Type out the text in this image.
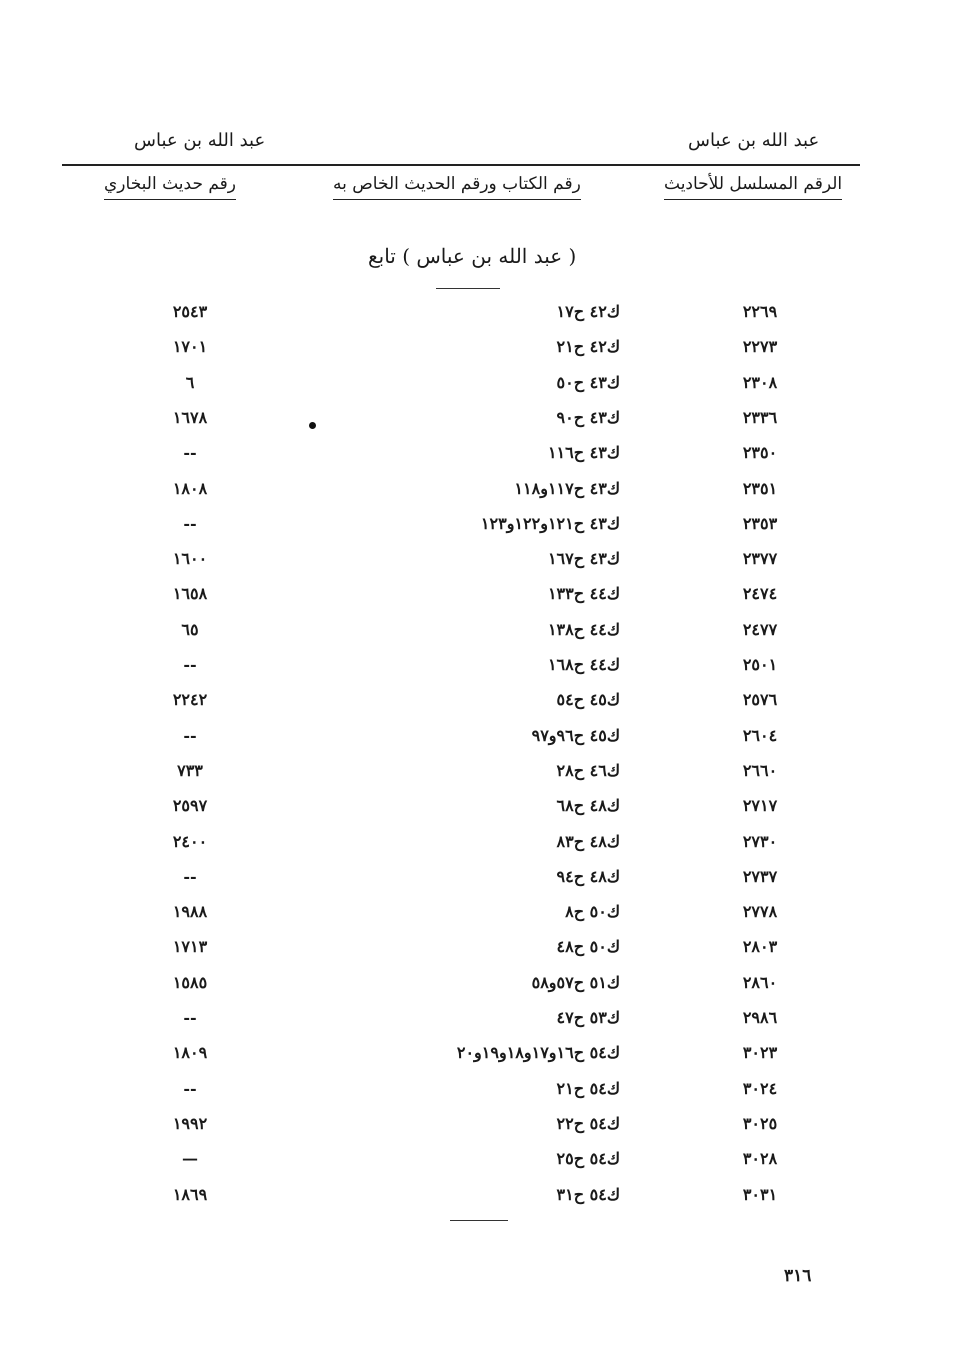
عبد الله بن عباس
عبد الله بن عباس
الرقم المسلسل للأحاديث
رقم الكتاب ورقم الحديث الخاص به
رقم حديث البخاري
( عبد الله بن عباس ) تابع
٢٢٦٩
ك٤٢ ح١٧
٢٥٤٣
٢٢٧٣
ك٤٢ ح٢١
١٧٠١
٢٣٠٨
ك٤٣ ح٥٠
٦
٢٣٣٦
ك٤٣ ح٩٠
١٦٧٨
٢٣٥٠
ك٤٣ ح١١٦
--
٢٣٥١
ك٤٣ ح١١٧و١١٨
١٨٠٨
٢٣٥٣
ك٤٣ ح١٢١و١٢٢و١٢٣
--
٢٣٧٧
ك٤٣ ح١٦٧
١٦٠٠
٢٤٧٤
ك٤٤ ح١٣٣
١٦٥٨
٢٤٧٧
ك٤٤ ح١٣٨
٦٥
٢٥٠١
ك٤٤ ح١٦٨
--
٢٥٧٦
ك٤٥ ح٥٤
٢٢٤٢
٢٦٠٤
ك٤٥ ح٩٦و٩٧
--
٢٦٦٠
ك٤٦ ح٢٨
٧٣٣
٢٧١٧
ك٤٨ ح٦٨
٢٥٩٧
٢٧٣٠
ك٤٨ ح٨٣
٢٤٠٠
٢٧٣٧
ك٤٨ ح٩٤
--
٢٧٧٨
ك٥٠ ح٨
١٩٨٨
٢٨٠٣
ك٥٠ ح٤٨
١٧١٣
٢٨٦٠
ك٥١ ح٥٧و٥٨
١٥٨٥
٢٩٨٦
ك٥٣ ح٤٧
--
٣٠٢٣
ك٥٤ ح١٦و١٧و١٨و١٩و٢٠
١٨٠٩
٣٠٢٤
ك٥٤ ح٢١
--
٣٠٢٥
ك٥٤ ح٢٢
١٩٩٢
٣٠٢٨
ك٥٤ ح٢٥
—
٣٠٣١
ك٥٤ ح٣١
١٨٦٩
٣١٦
